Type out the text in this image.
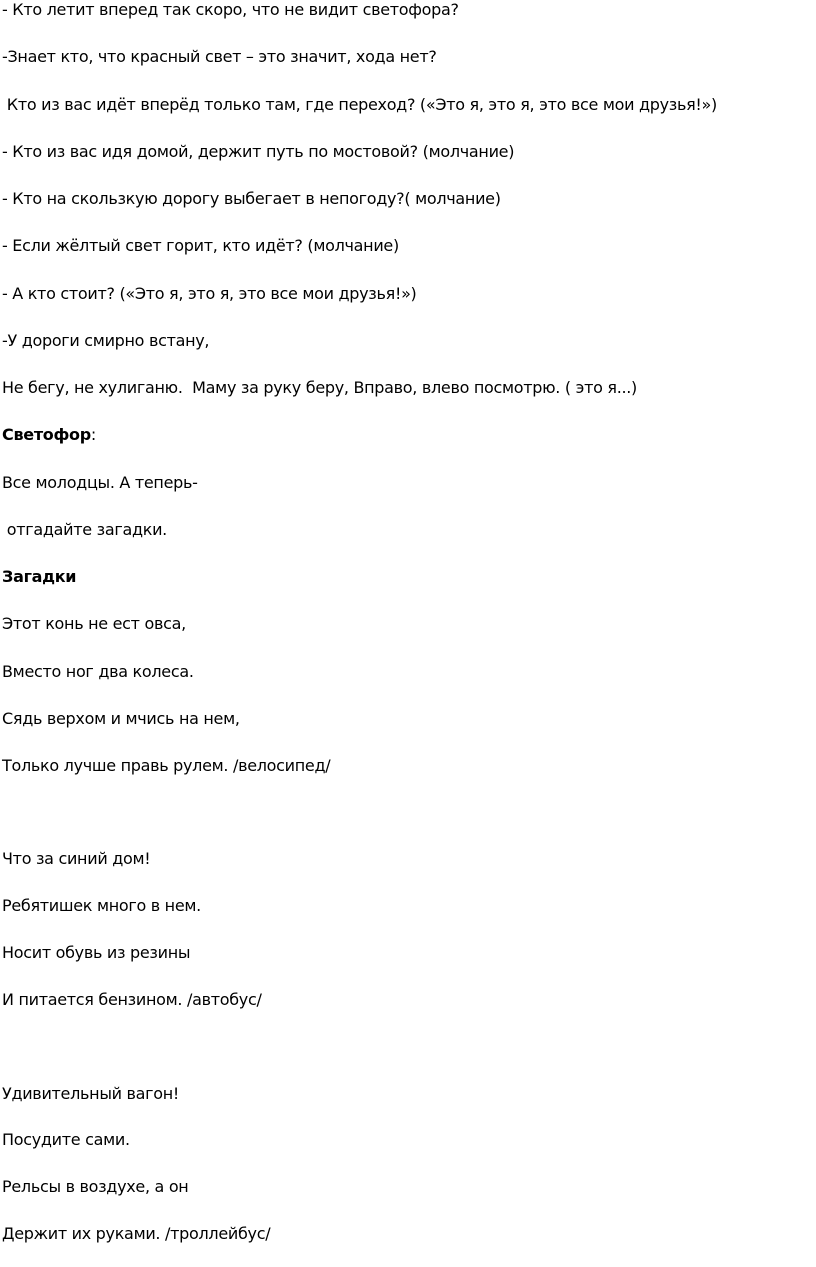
- Кто летит вперед так скоро, что не видит светофора?
-Знает кто, что красный свет – это значит, хода нет?
Кто из вас идёт вперёд только там, где переход? («Это я, это я, это все мои друзья!»)
- Кто из вас идя домой, держит путь по мостовой? (молчание)
- Кто на скользкую дорогу выбегает в непогоду?( молчание)
- Если жёлтый свет горит, кто идёт? (молчание)
- А кто стоит? («Это я, это я, это все мои друзья!»)
-У дороги смирно встану,
Не бегу, не хулиганю.  Маму за руку беру, Вправо, влево посмотрю. ( это я...)
Светофор:
Все молодцы. А теперь-
отгадайте загадки.
Загадки
Этот конь не ест овса,
Вместо ног два колеса.
Сядь верхом и мчись на нем,
Только лучше правь рулем. /велосипед/
Что за синий дом!
Ребятишек много в нем.
Носит обувь из резины
И питается бензином. /автобус/
Удивительный вагон!
Посудите сами.
Рельсы в воздухе, а он
Держит их руками. /троллейбус/
